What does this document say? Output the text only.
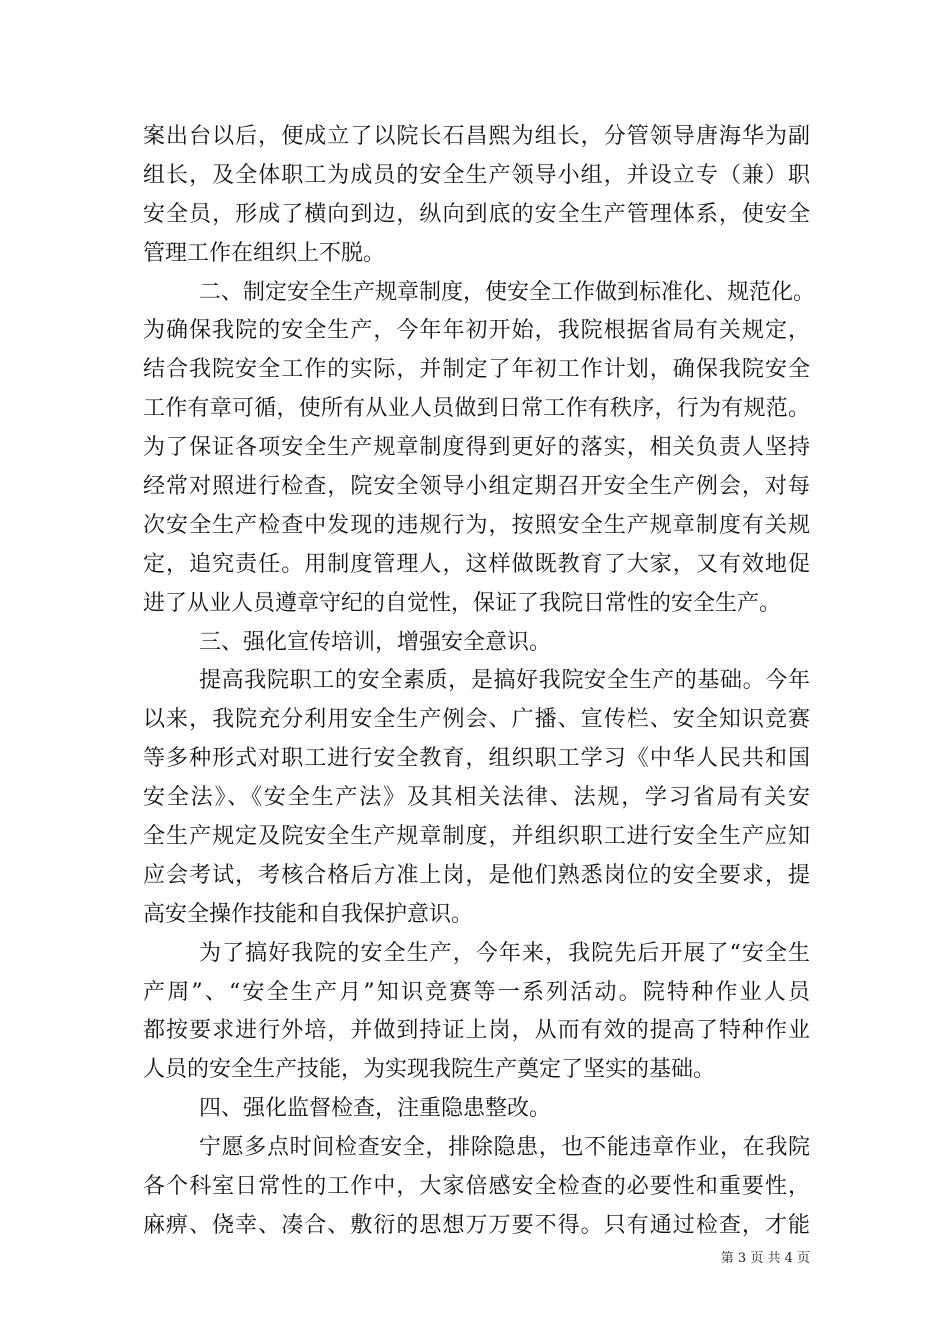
案出台以后，便成立了以院长石昌熙为组长，分管领导唐海华为副
组长，及全体职工为成员的安全生产领导小组，并设立专（兼）职
安全员，形成了横向到边，纵向到底的安全生产管理体系，使安全
管理工作在组织上不脱。
二、制定安全生产规章制度，使安全工作做到标准化、规范化。
为确保我院的安全生产，今年年初开始，我院根据省局有关规定，
结合我院安全工作的实际，并制定了年初工作计划，确保我院安全
工作有章可循，使所有从业人员做到日常工作有秩序，行为有规范。
为了保证各项安全生产规章制度得到更好的落实，相关负责人坚持
经常对照进行检查，院安全领导小组定期召开安全生产例会，对每
次安全生产检查中发现的违规行为，按照安全生产规章制度有关规
定，追究责任。用制度管理人，这样做既教育了大家，又有效地促
进了从业人员遵章守纪的自觉性，保证了我院日常性的安全生产。
三、强化宣传培训，增强安全意识。
提高我院职工的安全素质，是搞好我院安全生产的基础。今年
以来，我院充分利用安全生产例会、广播、宣传栏、安全知识竞赛
等多种形式对职工进行安全教育，组织职工学习《中华人民共和国
安全法》、《安全生产法》及其相关法律、法规，学习省局有关安
全生产规定及院安全生产规章制度，并组织职工进行安全生产应知
应会考试，考核合格后方准上岗，是他们熟悉岗位的安全要求，提
高安全操作技能和自我保护意识。
为了搞好我院的安全生产，今年来，我院先后开展了“安全生
产周”、“安全生产月”知识竞赛等一系列活动。院特种作业人员
都按要求进行外培，并做到持证上岗，从而有效的提高了特种作业
人员的安全生产技能，为实现我院生产奠定了坚实的基础。
四、强化监督检查，注重隐患整改。
宁愿多点时间检查安全，排除隐患，也不能违章作业，在我院
各个科室日常性的工作中，大家倍感安全检查的必要性和重要性，
麻痹、侥幸、凑合、敷衍的思想万万要不得。只有通过检查，才能
第 3 页 共 4 页
